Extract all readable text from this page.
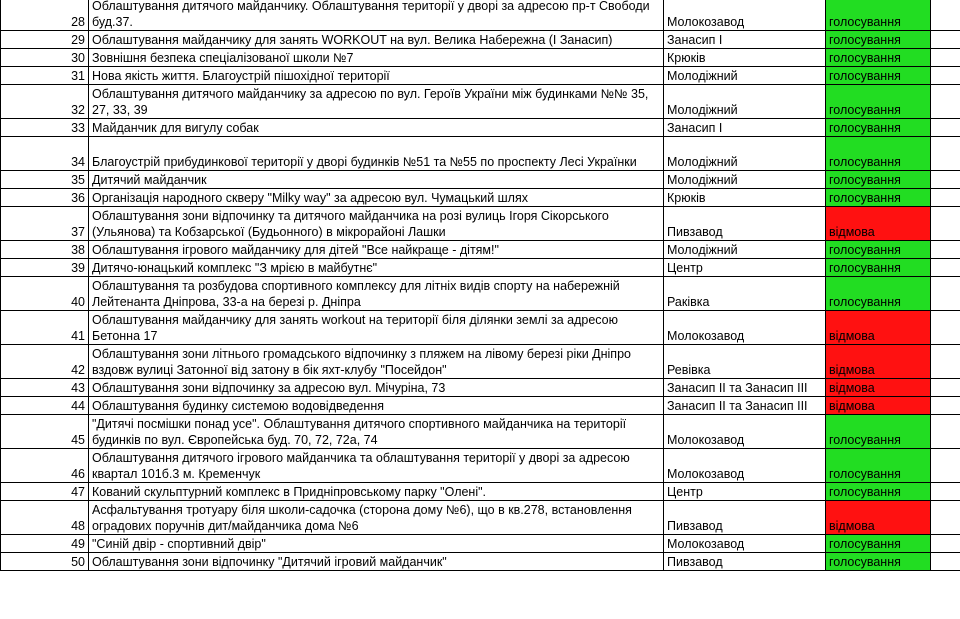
28	Облаштування дитячого майданчику. Облаштування території у дворі за адресою пр-т Свободи буд.37.	Молокозавод	голосування	
29	Облаштування майданчику для занять WORKOUT на вул. Велика Набережна (І Занасип)	Занасип І	голосування	
30	Зовнішня безпека спеціалізованої школи №7	Крюків	голосування	
31	Нова якість життя. Благоустрій пішохідної території	Молодіжний	голосування	
32	Облаштування дитячого майданчику за адресою по вул. Героїв України між будинками №№ 35, 27, 33, 39	Молодіжний	голосування	
33	Майданчик для вигулу собак	Занасип І	голосування	
34	Благоустрій прибудинкової території у дворі будинків №51 та №55 по проспекту Лесі Українки	Молодіжний	голосування	
35	Дитячий майданчик	Молодіжний	голосування	
36	Організація народного скверу "Milky way" за адресою вул. Чумацький шлях	Крюків	голосування	
37	Облаштування зони відпочинку та дитячого майданчика на розі вулиць Ігоря Сікорського (Ульянова) та Кобзарської (Будьонного) в мікрорайоні Лашки	Пивзавод	відмова	
38	Облаштування ігрового майданчику для дітей "Все найкраще - дітям!"	Молодіжний	голосування	
39	Дитячо-юнацький комплекс "З мрією в майбутнє"	Центр	голосування	
40	Облаштування та розбудова спортивного комплексу для літніх видів спорту на набережній Лейтенанта Дніпрова, 33-а на березі р. Дніпра	Раківка	голосування	
41	Облаштування майданчику для занять workout на території біля ділянки землі за адресою Бетонна 17	Молокозавод	відмова	
42	Облаштування зони літнього громадського відпочинку з пляжем на лівому березі ріки Дніпро вздовж вулиці Затонної від затону в бік яхт-клубу "Посейдон"	Ревівка	відмова	
43	Облаштування зони відпочинку за адресою вул. Мічуріна, 73	Занасип ІІ та Занасип ІІІ	відмова	
44	Облаштування будинку системою водовідведення	Занасип ІІ та Занасип ІІІ	відмова	
45	"Дитячі посмішки понад усе". Облаштування дитячого спортивного майданчика на території будинків по вул. Європейська буд. 70, 72, 72а, 74	Молокозавод	голосування	
46	Облаштування дитячого ігрового майданчика та облаштування території у дворі за адресою квартал 101б.3 м. Кременчук	Молокозавод	голосування	
47	Кований скульптурний комплекс в Придніпровському парку "Олені".	Центр	голосування	
48	Асфальтування тротуару біля школи-садочка (сторона дому №6), що в кв.278, встановлення огрaдових поручнів дит/майданчика дома №6	Пивзавод	відмова	
49	"Синій двір - спортивний двір"	Молокозавод	голосування	
50	Облаштування зони відпочинку "Дитячий ігровий майданчик"	Пивзавод	голосування	
